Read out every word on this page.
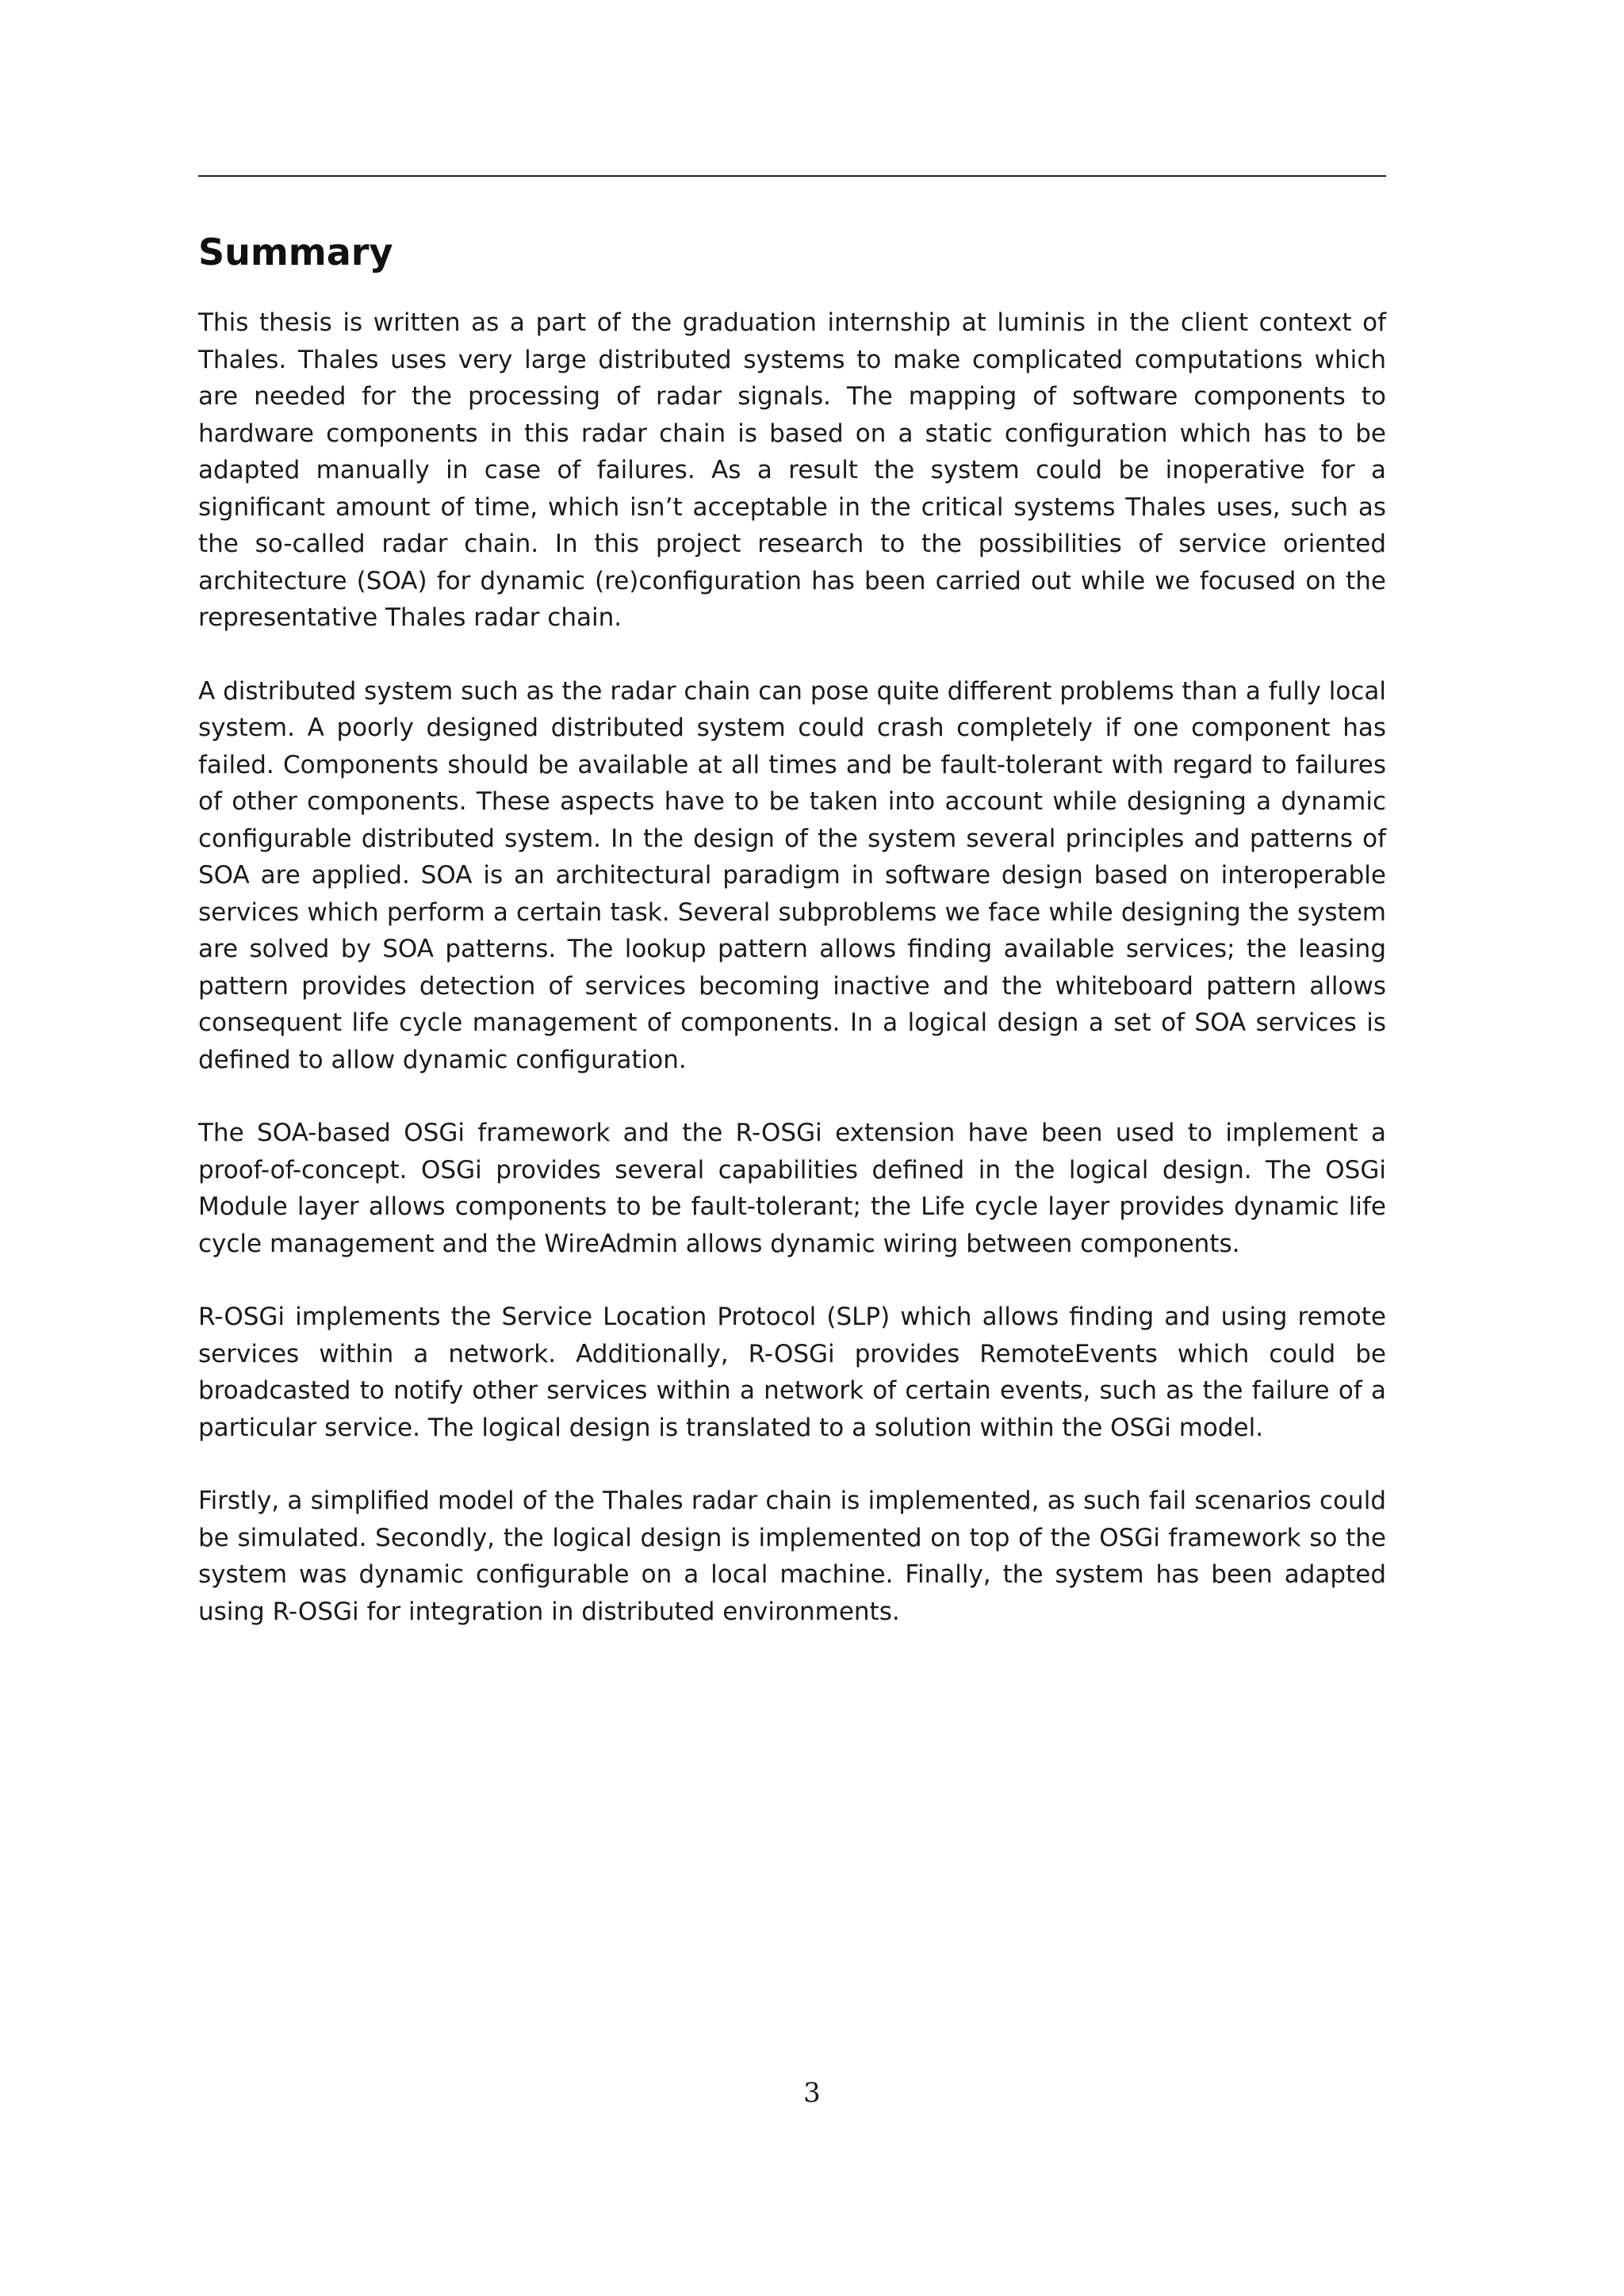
Summary

This thesis is written as a part of the graduation internship at luminis in the client context of Thales. Thales uses very large distributed systems to make complicated computations which are needed for the processing of radar signals. The mapping of software components to hardware components in this radar chain is based on a static configuration which has to be adapted manually in case of failures. As a result the system could be inoperative for a significant amount of time, which isn’t acceptable in the critical systems Thales uses, such as the so-called radar chain. In this project research to the possibilities of service oriented architecture (SOA) for dynamic (re)configuration has been carried out while we focused on the representative Thales radar chain.

A distributed system such as the radar chain can pose quite different problems than a fully local system. A poorly designed distributed system could crash completely if one component has failed. Components should be available at all times and be fault-tolerant with regard to failures of other components. These aspects have to be taken into account while designing a dynamic configurable distributed system. In the design of the system several principles and patterns of SOA are applied. SOA is an architectural paradigm in software design based on interoperable services which perform a certain task. Several subproblems we face while designing the system are solved by SOA patterns. The lookup pattern allows finding available services; the leasing pattern provides detection of services becoming inactive and the whiteboard pattern allows consequent life cycle management of components. In a logical design a set of SOA services is defined to allow dynamic configuration.

The SOA-based OSGi framework and the R-OSGi extension have been used to implement a proof-of-concept. OSGi provides several capabilities defined in the logical design. The OSGi Module layer allows components to be fault-tolerant; the Life cycle layer provides dynamic life cycle management and the WireAdmin allows dynamic wiring between components.

R-OSGi implements the Service Location Protocol (SLP) which allows finding and using remote services within a network. Additionally, R-OSGi provides RemoteEvents which could be broadcasted to notify other services within a network of certain events, such as the failure of a particular service. The logical design is translated to a solution within the OSGi model.

Firstly, a simplified model of the Thales radar chain is implemented, as such fail scenarios could be simulated. Secondly, the logical design is implemented on top of the OSGi framework so the system was dynamic configurable on a local machine. Finally, the system has been adapted using R-OSGi for integration in distributed environments.

3
